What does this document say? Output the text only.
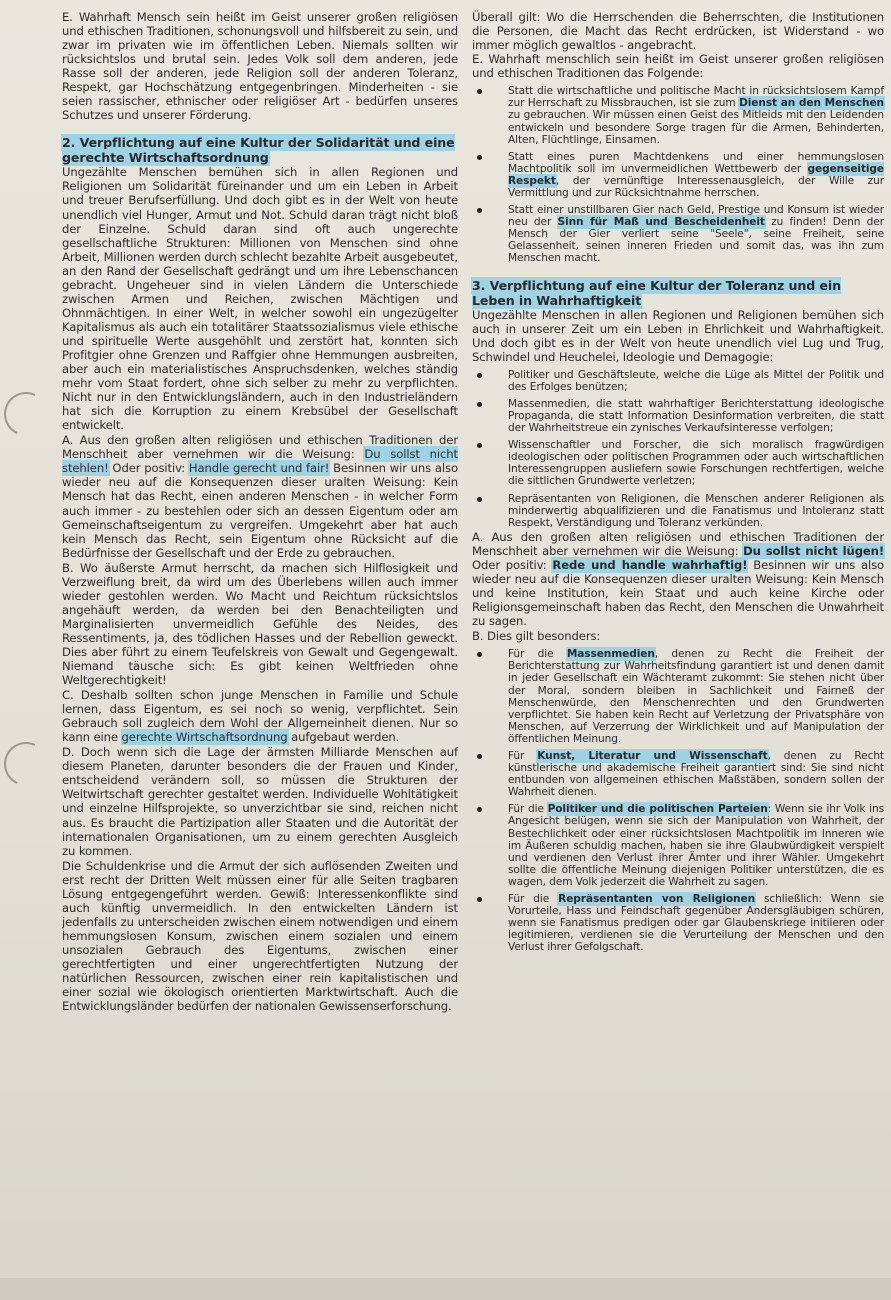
E. Wahrhaft Mensch sein heißt im Geist unserer großen religiösen und ethischen Traditionen, schonungsvoll und hilfsbereit zu sein, und zwar im privaten wie im öffentlichen Leben. Niemals sollten wir rücksichtslos und brutal sein. Jedes Volk soll dem anderen, jede Rasse soll der anderen, jede Religion soll der anderen Toleranz, Respekt, gar Hochschätzung entgegenbringen. Minderheiten - sie seien rassischer, ethnischer oder religiöser Art - bedürfen unseres Schutzes und unserer Förderung.

2. Verpflichtung auf eine Kultur der Solidarität und eine gerechte Wirtschaftsordnung

Ungezählte Menschen bemühen sich in allen Regionen und Religionen um Solidarität füreinander und um ein Leben in Arbeit und treuer Berufserfüllung. Und doch gibt es in der Welt von heute unendlich viel Hunger, Armut und Not. Schuld daran trägt nicht bloß der Einzelne. Schuld daran sind oft auch ungerechte gesellschaftliche Strukturen: Millionen von Menschen sind ohne Arbeit, Millionen werden durch schlecht bezahlte Arbeit ausgebeutet, an den Rand der Gesellschaft gedrängt und um ihre Lebenschancen gebracht. Ungeheuer sind in vielen Ländern die Unterschiede zwischen Armen und Reichen, zwischen Mächtigen und Ohnmächtigen. In einer Welt, in welcher sowohl ein ungezügelter Kapitalismus als auch ein totalitärer Staatssozialismus viele ethische und spirituelle Werte ausgehöhlt und zerstört hat, konnten sich Profitgier ohne Grenzen und Raffgier ohne Hemmungen ausbreiten, aber auch ein materialistisches Anspruchsdenken, welches ständig mehr vom Staat fordert, ohne sich selber zu mehr zu verpflichten. Nicht nur in den Entwicklungsländern, auch in den Industrieländern hat sich die Korruption zu einem Krebsübel der Gesellschaft entwickelt.

A. Aus den großen alten religiösen und ethischen Traditionen der Menschheit aber vernehmen wir die Weisung: Du sollst nicht stehlen! Oder positiv: Handle gerecht und fair! Besinnen wir uns also wieder neu auf die Konsequenzen dieser uralten Weisung: Kein Mensch hat das Recht, einen anderen Menschen - in welcher Form auch immer - zu bestehlen oder sich an dessen Eigentum oder am Gemeinschaftseigentum zu vergreifen. Umgekehrt aber hat auch kein Mensch das Recht, sein Eigentum ohne Rücksicht auf die Bedürfnisse der Gesellschaft und der Erde zu gebrauchen.

B. Wo äußerste Armut herrscht, da machen sich Hilflosigkeit und Verzweiflung breit, da wird um des Überlebens willen auch immer wieder gestohlen werden. Wo Macht und Reichtum rücksichtslos angehäuft werden, da werden bei den Benachteiligten und Marginalisierten unvermeidlich Gefühle des Neides, des Ressentiments, ja, des tödlichen Hasses und der Rebellion geweckt. Dies aber führt zu einem Teufelskreis von Gewalt und Gegengewalt. Niemand täusche sich: Es gibt keinen Weltfrieden ohne Weltgerechtigkeit!

C. Deshalb sollten schon junge Menschen in Familie und Schule lernen, dass Eigentum, es sei noch so wenig, verpflichtet. Sein Gebrauch soll zugleich dem Wohl der Allgemeinheit dienen. Nur so kann eine gerechte Wirtschaftsordnung aufgebaut werden.

D. Doch wenn sich die Lage der ärmsten Milliarde Menschen auf diesem Planeten, darunter besonders die der Frauen und Kinder, entscheidend verändern soll, so müssen die Strukturen der Weltwirtschaft gerechter gestaltet werden. Individuelle Wohltätigkeit und einzelne Hilfsprojekte, so unverzichtbar sie sind, reichen nicht aus. Es braucht die Partizipation aller Staaten und die Autorität der internationalen Organisationen, um zu einem gerechten Ausgleich zu kommen.

Die Schuldenkrise und die Armut der sich auflösenden Zweiten und erst recht der Dritten Welt müssen einer für alle Seiten tragbaren Lösung entgegengeführt werden. Gewiß: Interessenkonflikte sind auch künftig unvermeidlich. In den entwickelten Ländern ist jedenfalls zu unterscheiden zwischen einem notwendigen und einem hemmungslosen Konsum, zwischen einem sozialen und einem unsozialen Gebrauch des Eigentums, zwischen einer gerechtfertigten und einer ungerechtfertigten Nutzung der natürlichen Ressourcen, zwischen einer rein kapitalistischen und einer sozial wie ökologisch orientierten Marktwirtschaft. Auch die Entwicklungsländer bedürfen der nationalen Gewissenserforschung.

Überall gilt: Wo die Herrschenden die Beherrschten, die Institutionen die Personen, die Macht das Recht erdrücken, ist Widerstand - wo immer möglich gewaltlos - angebracht.

E. Wahrhaft menschlich sein heißt im Geist unserer großen religiösen und ethischen Traditionen das Folgende:

Statt die wirtschaftliche und politische Macht in rücksichtslosem Kampf zur Herrschaft zu Missbrauchen, ist sie zum Dienst an den Menschen zu gebrauchen. Wir müssen einen Geist des Mitleids mit den Leidenden entwickeln und besondere Sorge tragen für die Armen, Behinderten, Alten, Flüchtlinge, Einsamen.
Statt eines puren Machtdenkens und einer hemmungslosen Machtpolitik soll im unvermeidlichen Wettbewerb der gegenseitige Respekt, der vernünftige Interessenausgleich, der Wille zur Vermittlung und zur Rücksichtnahme herrschen.
Statt einer unstillbaren Gier nach Geld, Prestige und Konsum ist wieder neu der Sinn für Maß und Bescheidenheit zu finden! Denn der Mensch der Gier verliert seine "Seele", seine Freiheit, seine Gelassenheit, seinen inneren Frieden und somit das, was ihn zum Menschen macht.
3. Verpflichtung auf eine Kultur der Toleranz und ein Leben in Wahrhaftigkeit

Ungezählte Menschen in allen Regionen und Religionen bemühen sich auch in unserer Zeit um ein Leben in Ehrlichkeit und Wahrhaftigkeit. Und doch gibt es in der Welt von heute unendlich viel Lug und Trug, Schwindel und Heuchelei, Ideologie und Demagogie:

Politiker und Geschäftsleute, welche die Lüge als Mittel der Politik und des Erfolges benützen;
Massenmedien, die statt wahrhaftiger Berichterstattung ideologische Propaganda, die statt Information Desinformation verbreiten, die statt der Wahrheitstreue ein zynisches Verkaufsinteresse verfolgen;
Wissenschaftler und Forscher, die sich moralisch fragwürdigen ideologischen oder politischen Programmen oder auch wirtschaftlichen Interessengruppen ausliefern sowie Forschungen rechtfertigen, welche die sittlichen Grundwerte verletzen;
Repräsentanten von Religionen, die Menschen anderer Religionen als minderwertig abqualifizieren und die Fanatismus und Intoleranz statt Respekt, Verständigung und Toleranz verkünden.

A. Aus den großen alten religiösen und ethischen Traditionen der Menschheit aber vernehmen wir die Weisung: Du sollst nicht lügen! Oder positiv: Rede und handle wahrhaftig! Besinnen wir uns also wieder neu auf die Konsequenzen dieser uralten Weisung: Kein Mensch und keine Institution, kein Staat und auch keine Kirche oder Religionsgemeinschaft haben das Recht, den Menschen die Unwahrheit zu sagen.

B. Dies gilt besonders:

Für die Massenmedien, denen zu Recht die Freiheit der Berichterstattung zur Wahrheitsfindung garantiert ist und denen damit in jeder Gesellschaft ein Wächteramt zukommt: Sie stehen nicht über der Moral, sondern bleiben in Sachlichkeit und Fairneß der Menschenwürde, den Menschenrechten und den Grundwerten verpflichtet. Sie haben kein Recht auf Verletzung der Privatsphäre von Menschen, auf Verzerrung der Wirklichkeit und auf Manipulation der öffentlichen Meinung.
Für Kunst, Literatur und Wissenschaft, denen zu Recht künstlerische und akademische Freiheit garantiert sind: Sie sind nicht entbunden von allgemeinen ethischen Maßstäben, sondern sollen der Wahrheit dienen.
Für die Politiker und die politischen Parteien: Wenn sie ihr Volk ins Angesicht belügen, wenn sie sich der Manipulation von Wahrheit, der Bestechlichkeit oder einer rücksichtslosen Machtpolitik im Inneren wie im Äußeren schuldig machen, haben sie ihre Glaubwürdigkeit verspielt und verdienen den Verlust ihrer Ämter und ihrer Wähler. Umgekehrt sollte die öffentliche Meinung diejenigen Politiker unterstützen, die es wagen, dem Volk jederzeit die Wahrheit zu sagen.
Für die Repräsentanten von Religionen schließlich: Wenn sie Vorurteile, Hass und Feindschaft gegenüber Andersgläubigen schüren, wenn sie Fanatismus predigen oder gar Glaubenskriege initiieren oder legitimieren, verdienen sie die Verurteilung der Menschen und den Verlust ihrer Gefolgschaft.
